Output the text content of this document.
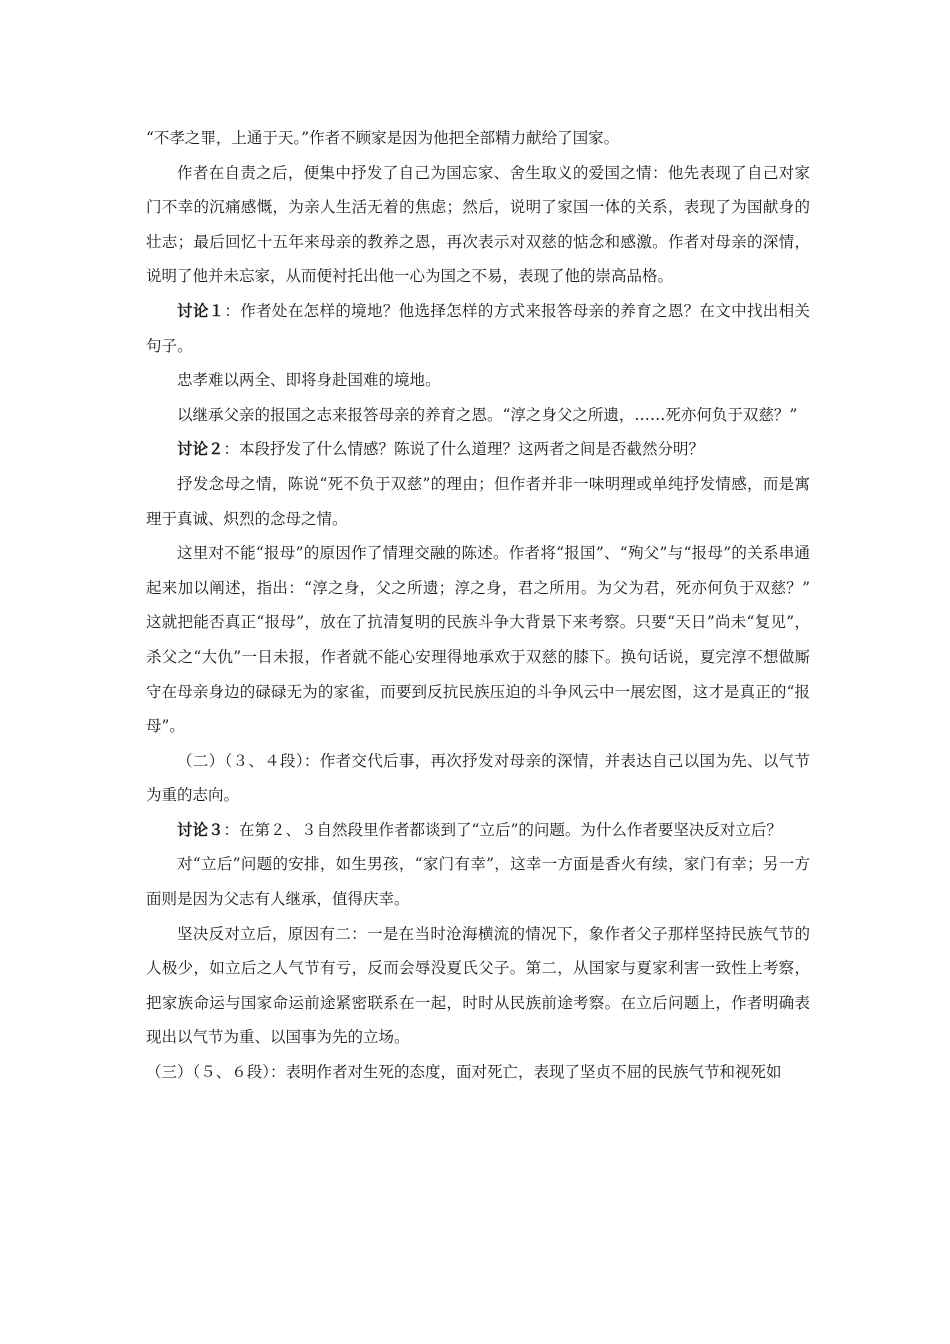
“不孝之罪，上通于天。”作者不顾家是因为他把全部精力献给了国家。

作者在自责之后，便集中抒发了自己为国忘家、舍生取义的爱国之情：他先表现了自己对家门不幸的沉痛感慨，为亲人生活无着的焦虑；然后，说明了家国一体的关系，表现了为国献身的壮志；最后回忆十五年来母亲的教养之恩，再次表示对双慈的惦念和感激。作者对母亲的深情，说明了他并未忘家，从而便衬托出他一心为国之不易，表现了他的崇高品格。

讨论１：作者处在怎样的境地？他选择怎样的方式来报答母亲的养育之恩？在文中找出相关句子。

忠孝难以两全、即将身赴国难的境地。

以继承父亲的报国之志来报答母亲的养育之恩。“淳之身父之所遗，……死亦何负于双慈？”

讨论２：本段抒发了什么情感？陈说了什么道理？这两者之间是否截然分明？

抒发念母之情，陈说“死不负于双慈”的理由；但作者并非一味明理或单纯抒发情感，而是寓理于真诚、炽烈的念母之情。

这里对不能“报母”的原因作了情理交融的陈述。作者将“报国”、“殉父”与“报母”的关系串通起来加以阐述，指出：“淳之身，父之所遗；淳之身，君之所用。为父为君，死亦何负于双慈？”　这就把能否真正“报母”，放在了抗清复明的民族斗争大背景下来考察。只要“天日”尚未“复见”，杀父之“大仇”一日未报，作者就不能心安理得地承欢于双慈的膝下。换句话说，夏完淳不想做厮守在母亲身边的碌碌无为的家雀，而要到反抗民族压迫的斗争风云中一展宏图，这才是真正的“报母”。

（二）（３、４段）：作者交代后事，再次抒发对母亲的深情，并表达自己以国为先、以气节为重的志向。

讨论３：在第２、３自然段里作者都谈到了“立后”的问题。为什么作者要坚决反对立后？

对“立后”问题的安排，如生男孩，“家门有幸”，这幸一方面是香火有续，家门有幸；另一方面则是因为父志有人继承，值得庆幸。

坚决反对立后，原因有二：一是在当时沧海横流的情况下，象作者父子那样坚持民族气节的人极少，如立后之人气节有亏，反而会辱没夏氏父子。第二，从国家与夏家利害一致性上考察，把家族命运与国家命运前途紧密联系在一起，时时从民族前途考察。在立后问题上，作者明确表现出以气节为重、以国事为先的立场。

（三）（５、６段）：表明作者对生死的态度，面对死亡，表现了坚贞不屈的民族气节和视死如
